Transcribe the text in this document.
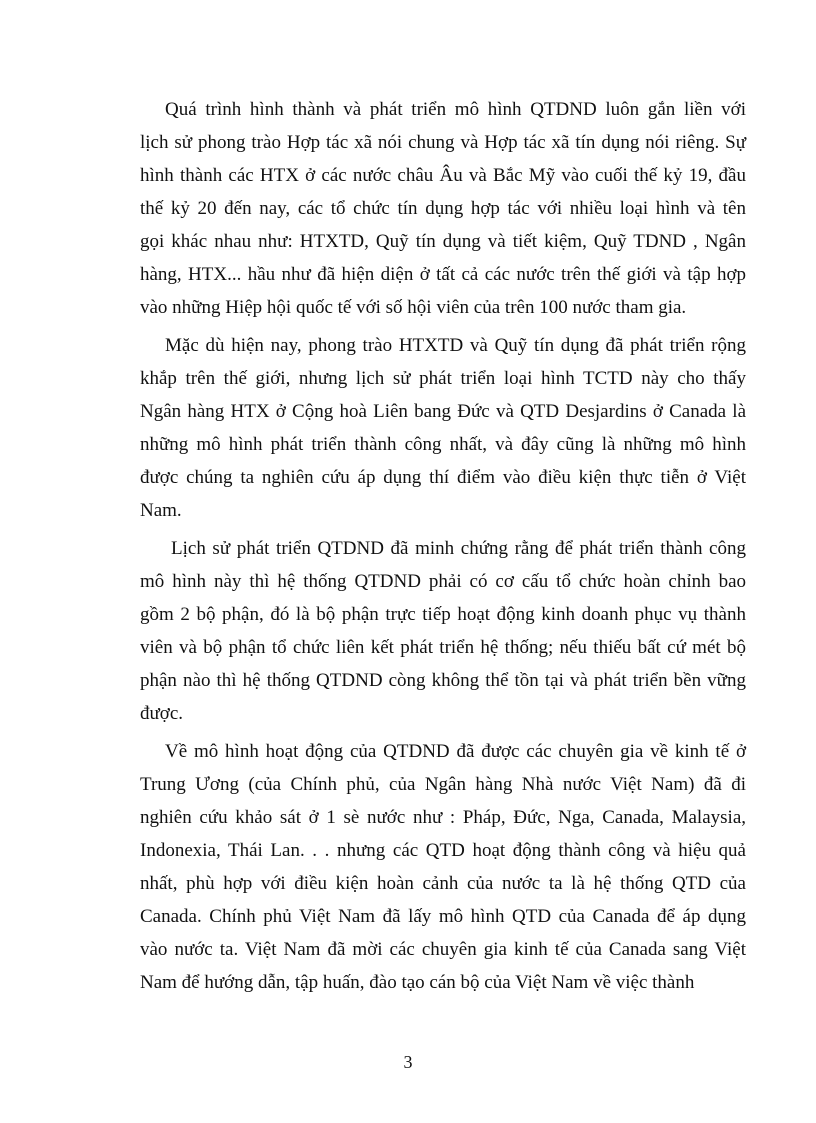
Quá trình hình thành và phát triển mô hình QTDND luôn gắn liền với
lịch sử phong trào Hợp tác xã nói chung và Hợp tác xã tín dụng nói riêng. Sự
hình thành các HTX ở các nước châu Âu và Bắc Mỹ vào cuối thế kỷ 19, đầu
thế kỷ 20 đến nay, các tổ chức tín dụng hợp tác với nhiều loại hình và tên
gọi khác nhau như: HTXTD, Quỹ tín dụng và tiết kiệm, Quỹ TDND , Ngân
hàng, HTX... hầu như đã hiện diện ở tất cả các nước trên thế giới và tập hợp
vào những Hiệp hội quốc tế với số hội viên của trên 100 nước tham gia.
Mặc dù hiện nay, phong trào HTXTD và Quỹ tín dụng đã phát triển rộng
khắp trên thế giới, nhưng lịch sử phát triển loại hình TCTD này cho thấy
Ngân hàng HTX ở Cộng hoà Liên bang Đức và QTD Desjardins ở Canada là
những mô hình phát triển thành công nhất, và đây cũng là những mô hình
được chúng ta nghiên cứu áp dụng thí điểm vào điều kiện thực tiễn ở Việt
Nam.
Lịch sử phát triển QTDND đã minh chứng rằng để phát triển thành công
mô hình này thì hệ thống QTDND phải có cơ cấu tổ chức hoàn chỉnh bao
gồm 2 bộ phận, đó là bộ phận trực tiếp hoạt động kinh doanh phục vụ thành
viên và bộ phận tổ chức liên kết phát triển hệ thống; nếu thiếu bất cứ mét bộ
phận nào thì hệ thống QTDND còng không thể tồn tại và phát triển bền vững
được.
Về mô hình hoạt động của QTDND đã được các chuyên gia về kinh tế ở
Trung Ương (của Chính phủ, của Ngân hàng Nhà nước Việt Nam) đã đi
nghiên cứu khảo sát ở 1 sè nước như : Pháp, Đức, Nga, Canada, Malaysia,
Indonexia, Thái Lan. . . nhưng các QTD hoạt động thành công và hiệu quả
nhất, phù hợp với điều kiện hoàn cảnh của nước ta là hệ thống QTD của
Canada. Chính phủ Việt Nam đã lấy mô hình QTD của Canada để áp dụng
vào nước ta. Việt Nam đã mời các chuyên gia kinh tế của Canada sang Việt
Nam để hướng dẫn, tập huấn, đào tạo cán bộ của Việt Nam về việc thành
3
